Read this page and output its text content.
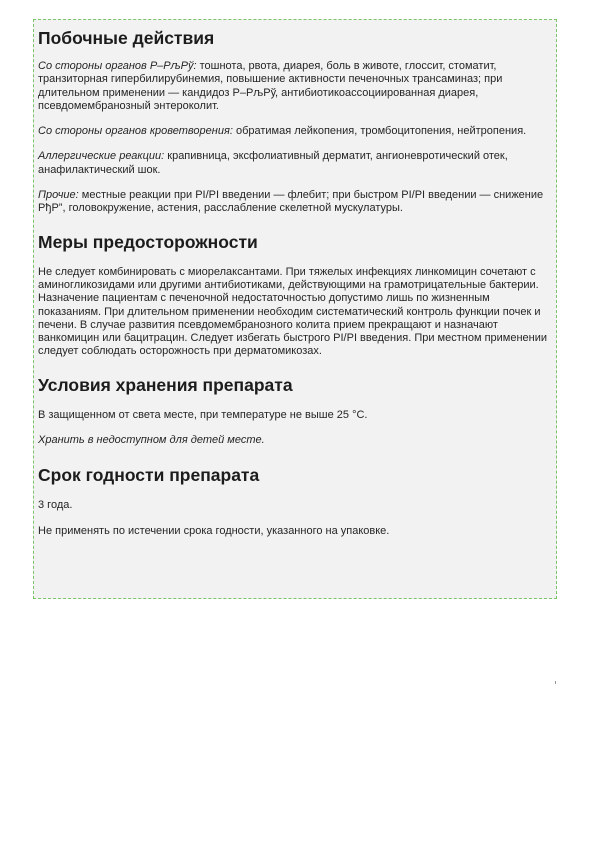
Побочные действия

Со стороны органов Р–РљРў: тошнота, рвота, диарея, боль в животе, глоссит, стоматит, транзиторная гипербилирубинемия, повышение активности печеночных трансаминаз; при длительном применении — кандидоз Р–РљРў, антибиотикоассоциированная диарея, псевдомембранозный энтероколит.

Со стороны органов кроветворения: обратимая лейкопения, тромбоцитопения, нейтропения.

Аллергические реакции: крапивница, эксфолиативный дерматит, ангионевротический отек, анафилактический шок.

Прочие: местные реакции при РІ/РІ введении — флебит; при быстром РІ/РІ введении — снижение РђР”, головокружение, астения, расслабление скелетной мускулатуры.

Меры предосторожности

Не следует комбинировать с миорелаксантами. При тяжелых инфекциях линкомицин сочетают с аминогликозидами или другими антибиотиками, действующими на грамотрицательные бактерии. Назначение пациентам с печеночной недостаточностью допустимо лишь по жизненным показаниям. При длительном применении необходим систематический контроль функции почек и печени. В случае развития псевдомембранозного колита прием прекращают и назначают ванкомицин или бацитрацин. Следует избегать быстрого РІ/РІ введения. При местном применении следует соблюдать осторожность при дерматомикозах.

Условия хранения препарата

В защищенном от света месте, при температуре не выше 25 °C.

Хранить в недоступном для детей месте.

Срок годности препарата

3 года.

Не применять по истечении срока годности, указанного на упаковке.
